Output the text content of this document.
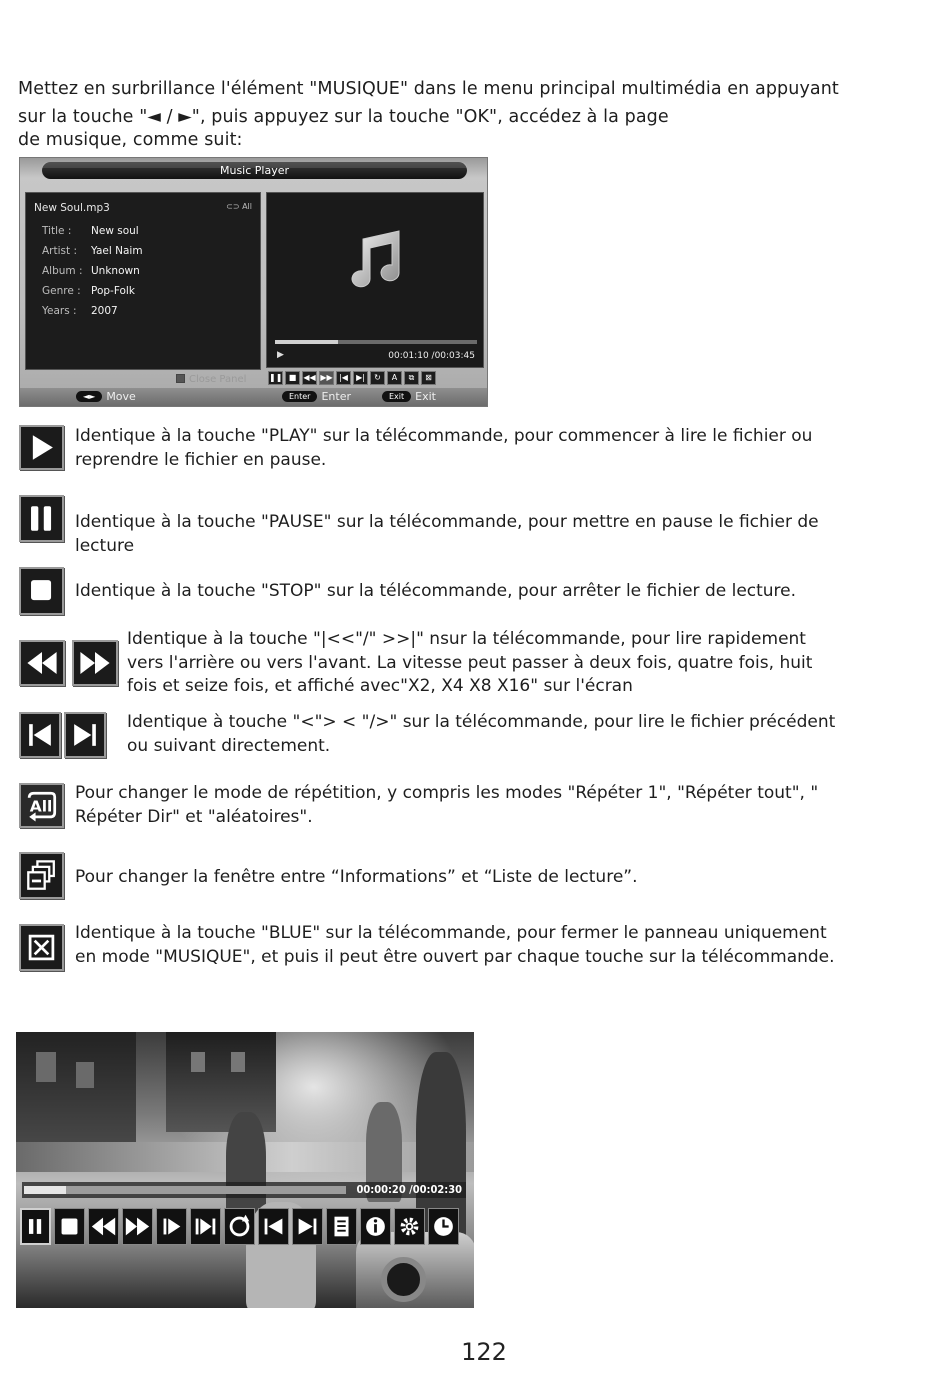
Mettez en surbrillance l'élément "MUSIQUE" dans le menu principal multimédia en appuyant

sur la touche "◄ / ►", puis appuyez sur la touche "OK", accédez à la page

de musique, comme suit:

Music Player
New Soul.mp3	⊂⊃ All
Title : New soul
Artist : Yael Naim
Album : Unknown
Genre : Pop-Folk
Years : 2007
▶	00:01:10 /00:03:45
Close Panel	❚❚ ■ ◀◀ ▶▶ |◀	▶|	↻	A	⧉	⊠
◄► Move	Enter Enter	Exit Exit
Identique à la touche "PLAY" sur la télécommande, pour commencer à lire le fichier ou
reprendre le fichier en pause.
Identique à la touche "PAUSE" sur la télécommande, pour mettre en pause le fichier de
lecture
Identique à la touche "STOP" sur la télécommande, pour arrêter le fichier de lecture.
Identique à la touche "|<<"/" >>|" nsur la télécommande, pour lire rapidement
vers l'arrière ou vers l'avant. La vitesse peut passer à deux fois, quatre fois, huit
fois et seize fois, et affiché avec"X2, X4 X8 X16" sur l'écran
Identique à touche "<"> < "/>" sur la télécommande, pour lire le fichier précédent
ou suivant directement.
All
Pour changer le mode de répétition, y compris les modes "Répéter 1", "Répéter tout", "
Répéter Dir" et "aléatoires".
Pour changer la fenêtre entre “Informations” et “Liste de lecture”.
Identique à la touche "BLUE" sur la télécommande, pour fermer le panneau uniquement
en mode "MUSIQUE", et puis il peut être ouvert par chaque touche sur la télécommande.
00:00:20 /00:02:30
122
